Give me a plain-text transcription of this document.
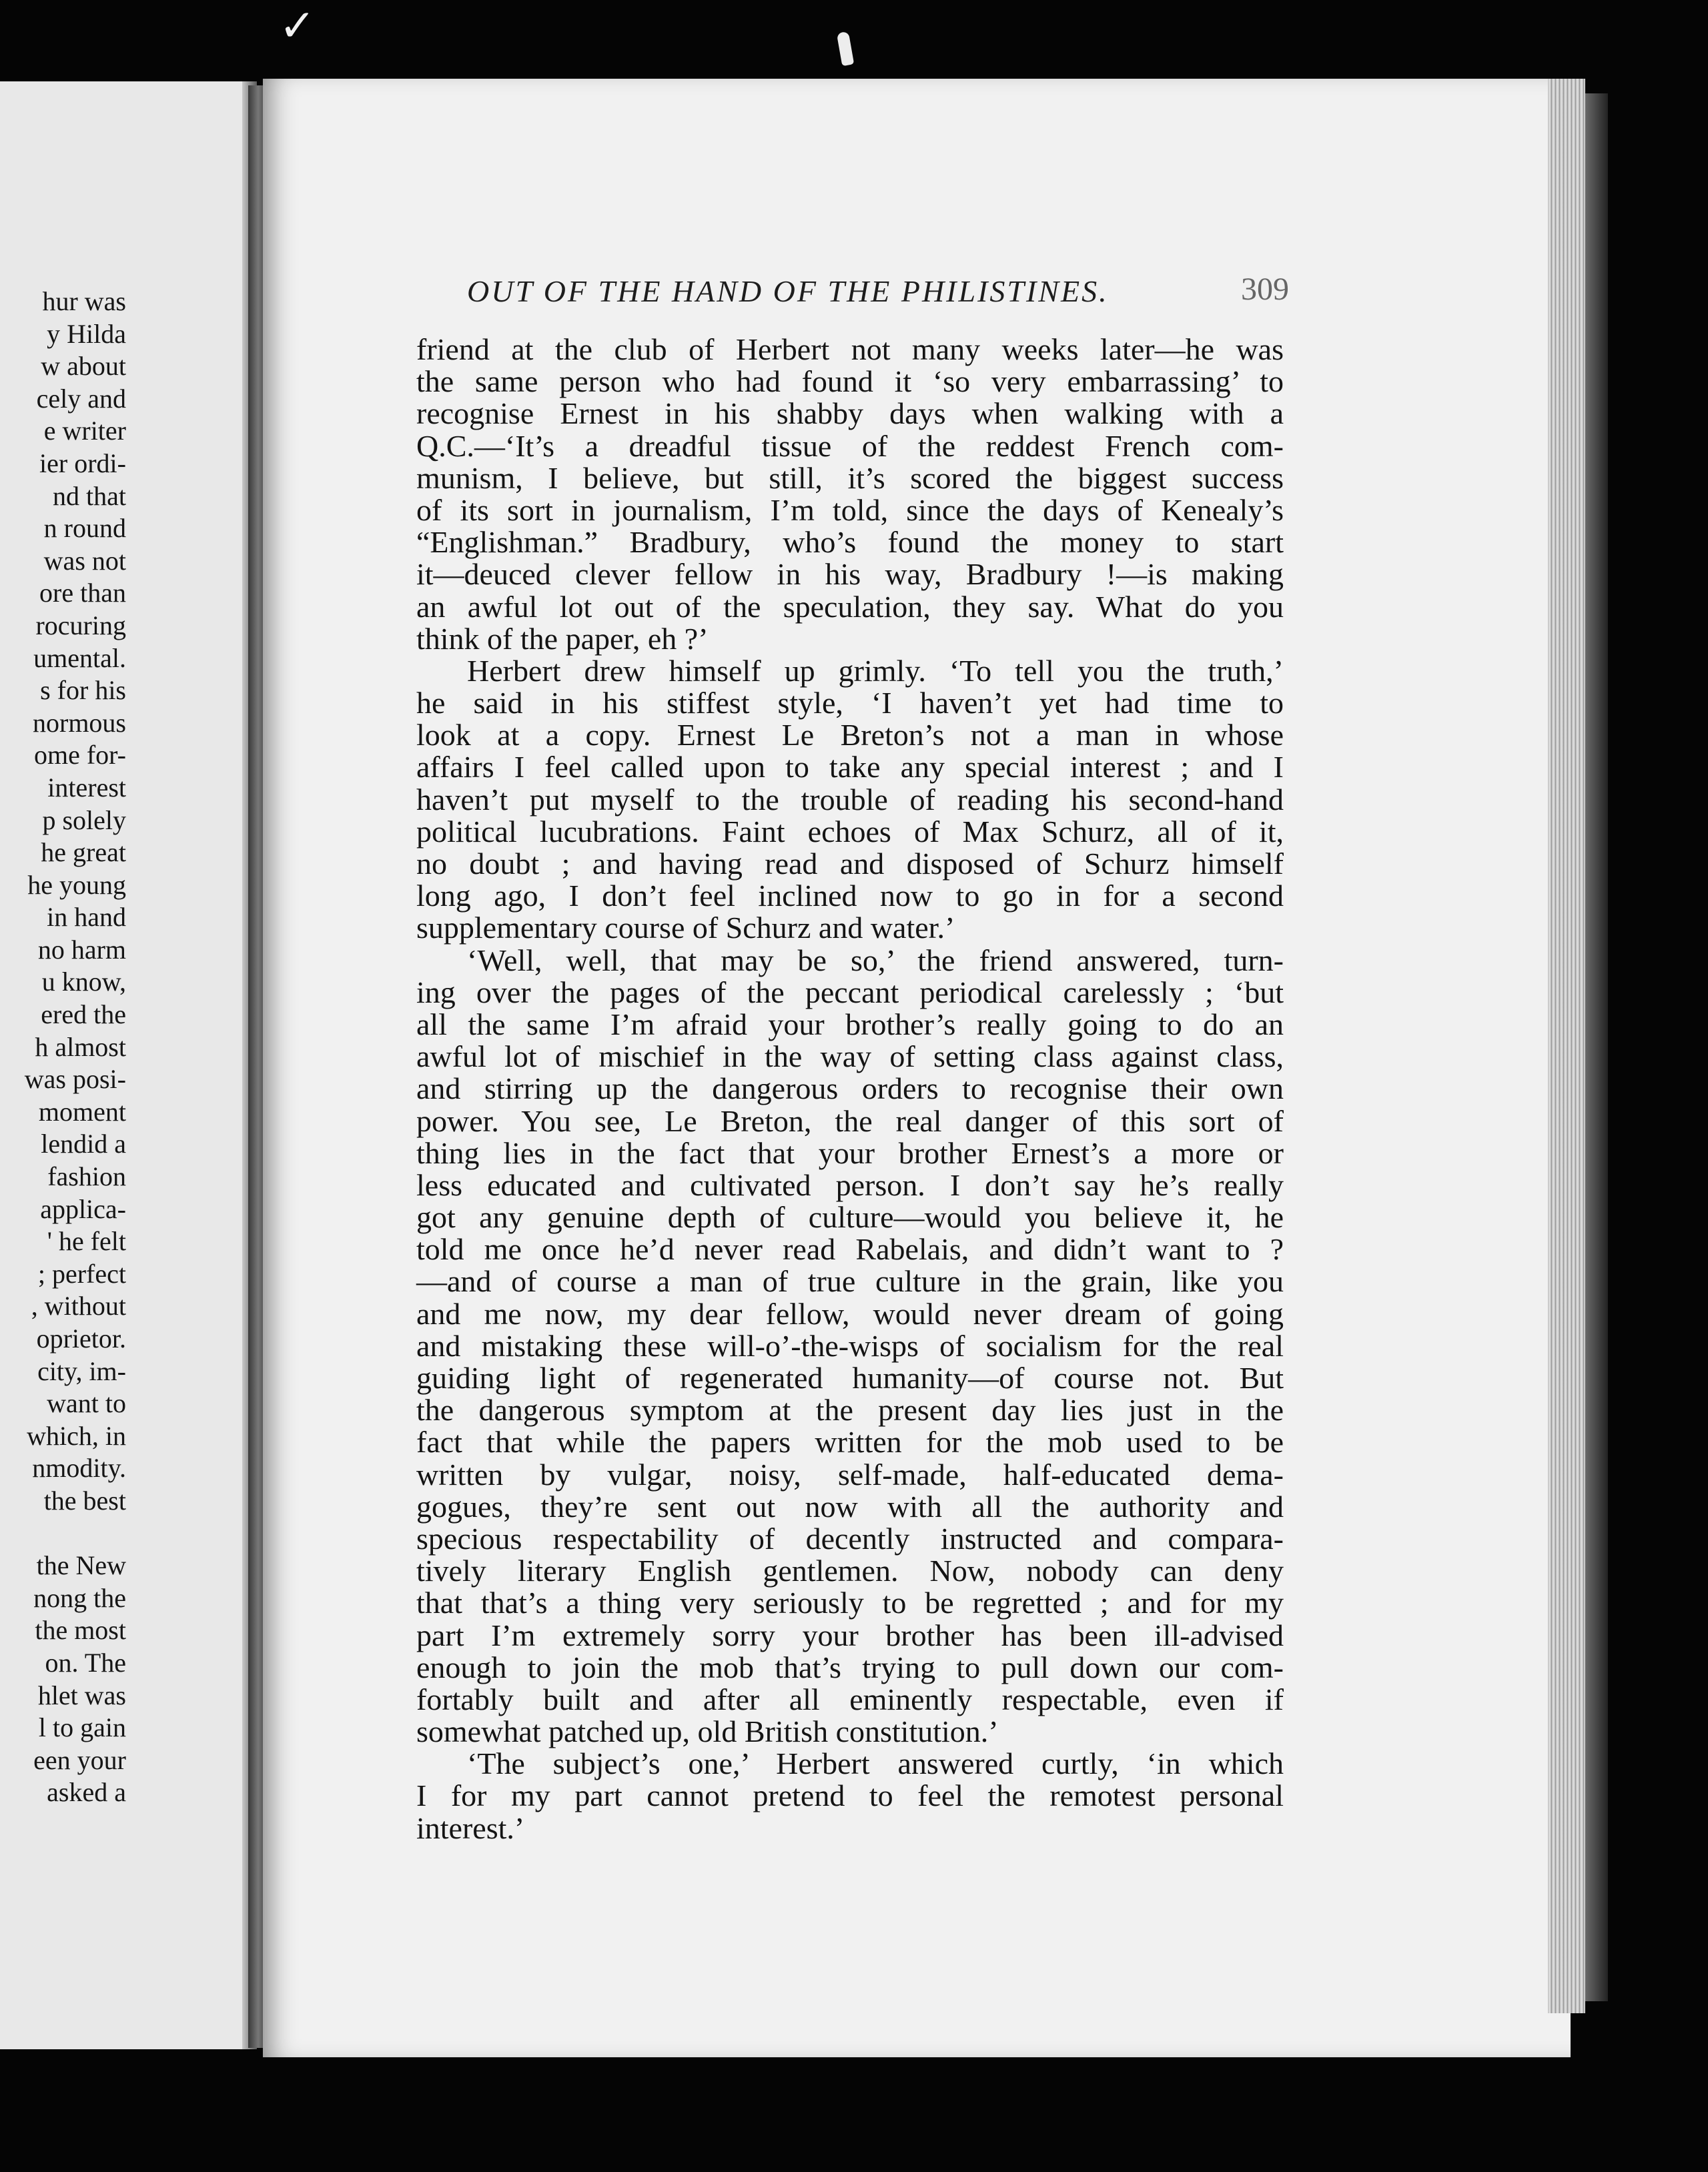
✓
hur was
y Hilda
w about
cely and
e writer
ier ordi-
nd that
n round
was not
ore than
rocuring
umental.
s for his
normous
ome for-
interest
p solely
he great
he young
in hand
no harm
u know,
ered the
h almost
was posi-
moment
lendid a
fashion
applica-
' he felt
; perfect
, without
oprietor.
city, im-
want to
which, in
nmodity.
the best
the New
nong the
the most
on. The
hlet was
l to gain
een your
asked a
OUT OF THE HAND OF THE PHILISTINES.	309
friend at the club of Herbert not many weeks later—he was
the same person who had found it ‘so very embarrassing’ to
recognise Ernest in his shabby days when walking with a
Q.C.—‘It’s a dreadful tissue of the reddest French com-
munism, I believe, but still, it’s scored the biggest success
of its sort in journalism, I’m told, since the days of Kenealy’s
“Englishman.” Bradbury, who’s found the money to start
it—deuced clever fellow in his way, Bradbury !—is making
an awful lot out of the speculation, they say. What do you
think of the paper, eh ?’
Herbert drew himself up grimly. ‘To tell you the truth,’
he said in his stiffest style, ‘I haven’t yet had time to
look at a copy. Ernest Le Breton’s not a man in whose
affairs I feel called upon to take any special interest ; and I
haven’t put myself to the trouble of reading his second-hand
political lucubrations. Faint echoes of Max Schurz, all of it,
no doubt ; and having read and disposed of Schurz himself
long ago, I don’t feel inclined now to go in for a second
supplementary course of Schurz and water.’
‘Well, well, that may be so,’ the friend answered, turn-
ing over the pages of the peccant periodical carelessly ; ‘but
all the same I’m afraid your brother’s really going to do an
awful lot of mischief in the way of setting class against class,
and stirring up the dangerous orders to recognise their own
power. You see, Le Breton, the real danger of this sort of
thing lies in the fact that your brother Ernest’s a more or
less educated and cultivated person. I don’t say he’s really
got any genuine depth of culture—would you believe it, he
told me once he’d never read Rabelais, and didn’t want to ?
—and of course a man of true culture in the grain, like you
and me now, my dear fellow, would never dream of going
and mistaking these will-o’-the-wisps of socialism for the real
guiding light of regenerated humanity—of course not. But
the dangerous symptom at the present day lies just in the
fact that while the papers written for the mob used to be
written by vulgar, noisy, self-made, half-educated dema-
gogues, they’re sent out now with all the authority and
specious respectability of decently instructed and compara-
tively literary English gentlemen. Now, nobody can deny
that that’s a thing very seriously to be regretted ; and for my
part I’m extremely sorry your brother has been ill-advised
enough to join the mob that’s trying to pull down our com-
fortably built and after all eminently respectable, even if
somewhat patched up, old British constitution.’
‘The subject’s one,’ Herbert answered curtly, ‘in which
I for my part cannot pretend to feel the remotest personal
interest.’
